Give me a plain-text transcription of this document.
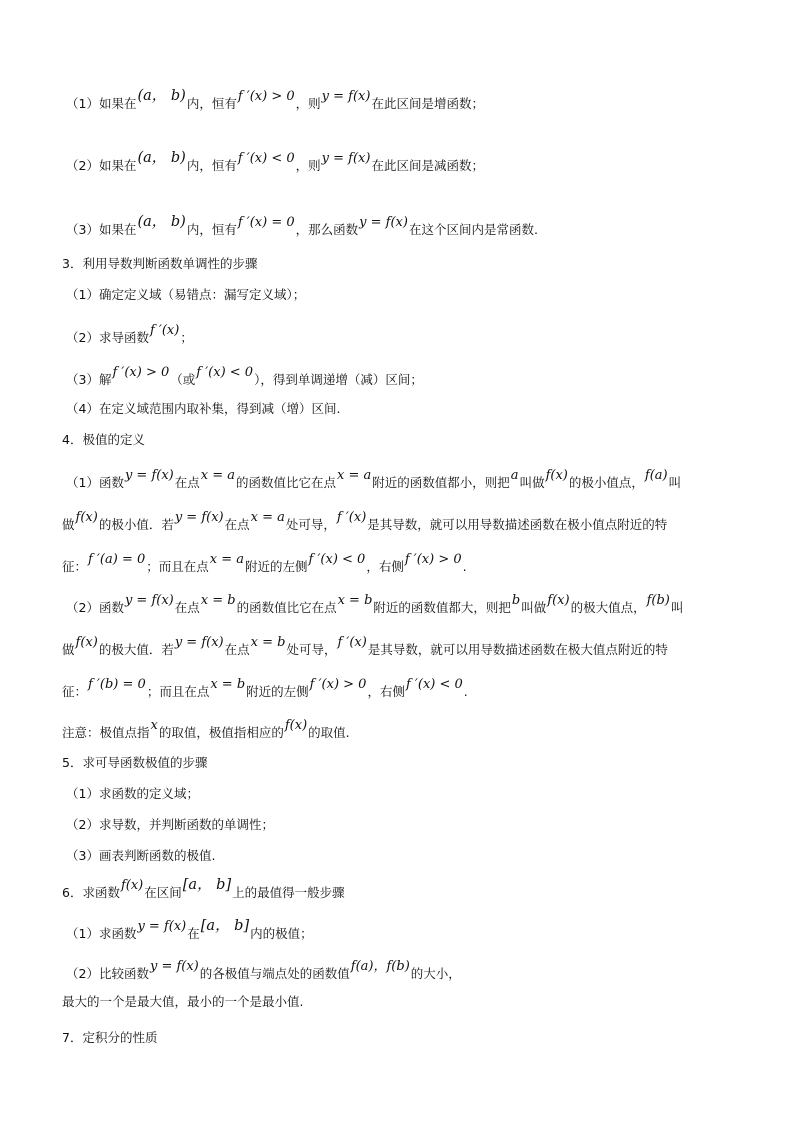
（1）如果在(a， b)内，恒有f ′(x) > 0，则y = f(x)在此区间是增函数；
（2）如果在(a， b)内，恒有f ′(x) < 0，则y = f(x)在此区间是减函数；
（3）如果在(a， b)内，恒有f ′(x) = 0，那么函数y = f(x)在这个区间内是常函数.
3．利用导数判断函数单调性的步骤
（1）确定定义域（易错点：漏写定义域）；
（2）求导函数f ′(x)；
（3）解f ′(x) > 0（或f ′(x) < 0），得到单调递增（减）区间；
（4）在定义域范围内取补集，得到减（增）区间.
4．极值的定义
（1）函数y = f(x)在点x = a的函数值比它在点x = a附近的函数值都小，则把a叫做f(x)的极小值点，f(a)叫
做f(x)的极小值．若y = f(x)在点x = a处可导，f ′(x)是其导数，就可以用导数描述函数在极小值点附近的特
征：f ′(a) = 0；而且在点x = a附近的左侧f ′(x) < 0，右侧f ′(x) > 0.
（2）函数y = f(x)在点x = b的函数值比它在点x = b附近的函数值都大，则把b叫做f(x)的极大值点，f(b)叫
做f(x)的极大值．若y = f(x)在点x = b处可导，f ′(x)是其导数，就可以用导数描述函数在极大值点附近的特
征：f ′(b) = 0；而且在点x = b附近的左侧f ′(x) > 0，右侧f ′(x) < 0.
注意：极值点指x的取值，极值指相应的f(x)的取值.
5．求可导函数极值的步骤
（1）求函数的定义域；
（2）求导数，并判断函数的单调性；
（3）画表判断函数的极值.
6．求函数f(x)在区间[a， b]上的最值得一般步骤
（1）求函数y = f(x)在[a， b]内的极值；
（2）比较函数y = f(x)的各极值与端点处的函数值f(a)，f(b)的大小，
最大的一个是最大值，最小的一个是最小值.
7．定积分的性质
